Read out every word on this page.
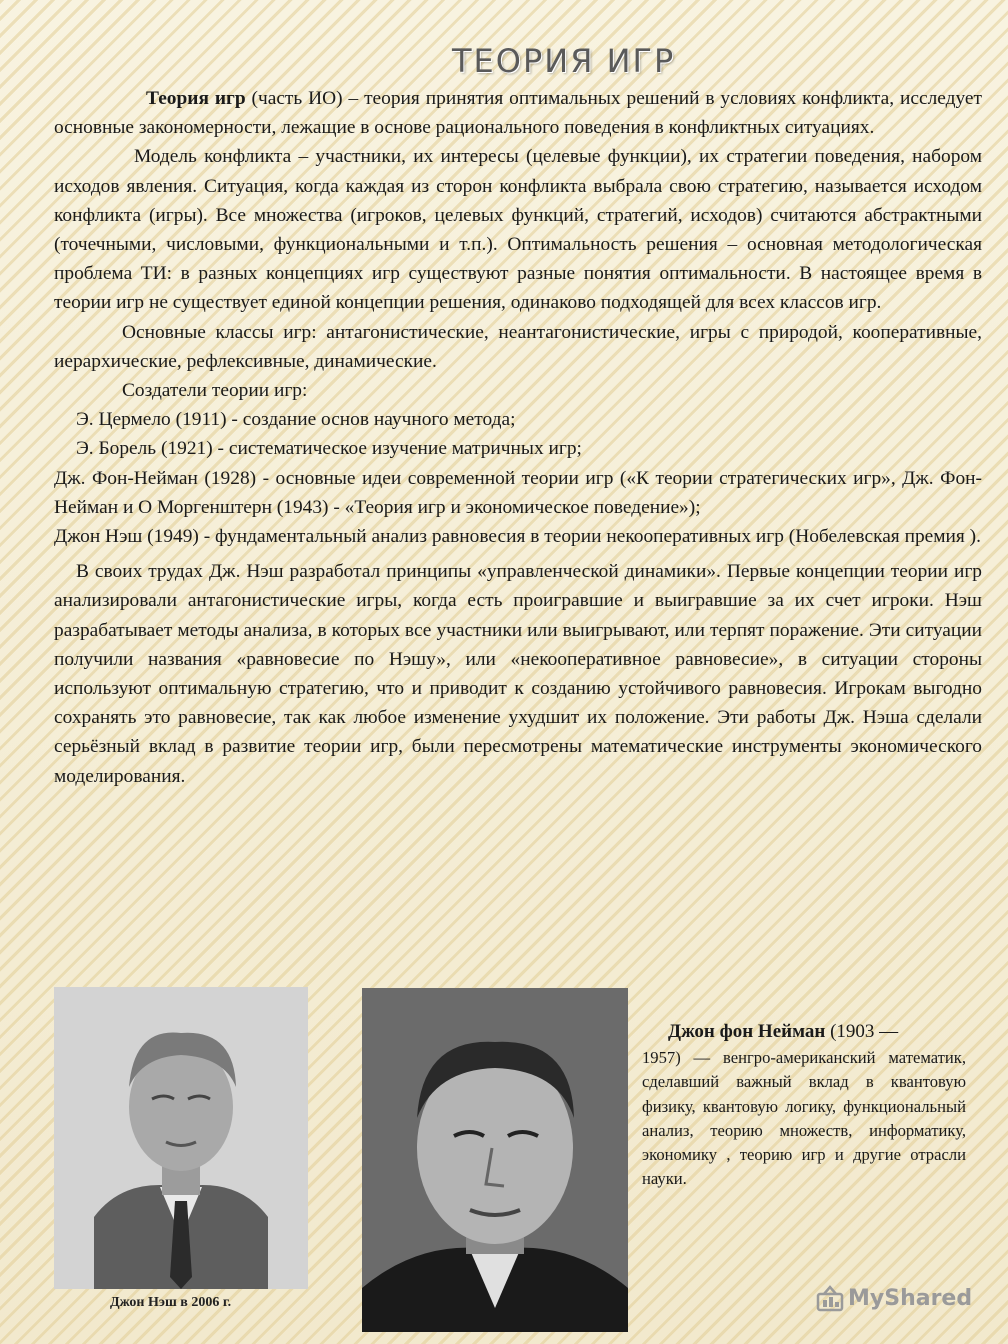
ТЕОРИЯ ИГР

Теория игр (часть ИО) – теория принятия оптимальных решений в условиях конфликта, исследует основные закономерности, лежащие в основе рационального поведения в конфликтных ситуациях.

Модель конфликта – участники, их интересы (целевые функции), их стратегии поведения, набором исходов явления. Ситуация, когда каждая из сторон конфликта выбрала свою стратегию, называется исходом конфликта (игры). Все множества (игроков, целевых функций, стратегий, исходов) считаются абстрактными (точечными, числовыми, функциональными и т.п.). Оптимальность решения – основная методологическая проблема ТИ: в разных концепциях игр существуют разные понятия оптимальности. В настоящее время в теории игр не существует единой концепции решения, одинаково подходящей для всех классов игр.

Основные классы игр: антагонистические, неантагонистические, игры с природой, кооперативные, иерархические, рефлексивные, динамические.

Создатели теории игр:

Э. Цермело (1911) - создание основ научного метода;

Э. Борель (1921) - систематическое изучение матричных игр;

Дж. Фон-Нейман (1928) - основные идеи современной теории игр («К теории стратегических игр», Дж. Фон-Нейман и О Моргенштерн (1943) - «Теория игр и экономическое поведение»);

Джон Нэш (1949) - фундаментальный анализ равновесия в теории некооперативных игр (Нобелевская премия ).

В своих трудах Дж. Нэш разработал принципы «управленческой динамики». Первые концепции теории игр анализировали антагонистические игры, когда есть проигравшие и выигравшие за их счет игроки. Нэш разрабатывает методы анализа, в которых все участники или выигрывают, или терпят поражение. Эти ситуации получили названия «равновесие по Нэшу», или «некооперативное равновесие», в ситуации стороны используют оптимальную стратегию, что и приводит к созданию устойчивого равновесия. Игрокам выгодно сохранять это равновесие, так как любое изменение ухудшит их положение. Эти работы Дж. Нэша сделали серьёзный вклад в развитие теории игр, были пересмотрены математические инструменты экономического моделирования.

Джон Нэш в 2006 г.

Джон фон Нейман (1903 —

1957) — венгро-американский математик, сделавший важный вклад в квантовую физику, квантовую логику, функциональный анализ, теорию множеств, информатику, экономику , теорию игр и другие отрасли науки.

MyShared
